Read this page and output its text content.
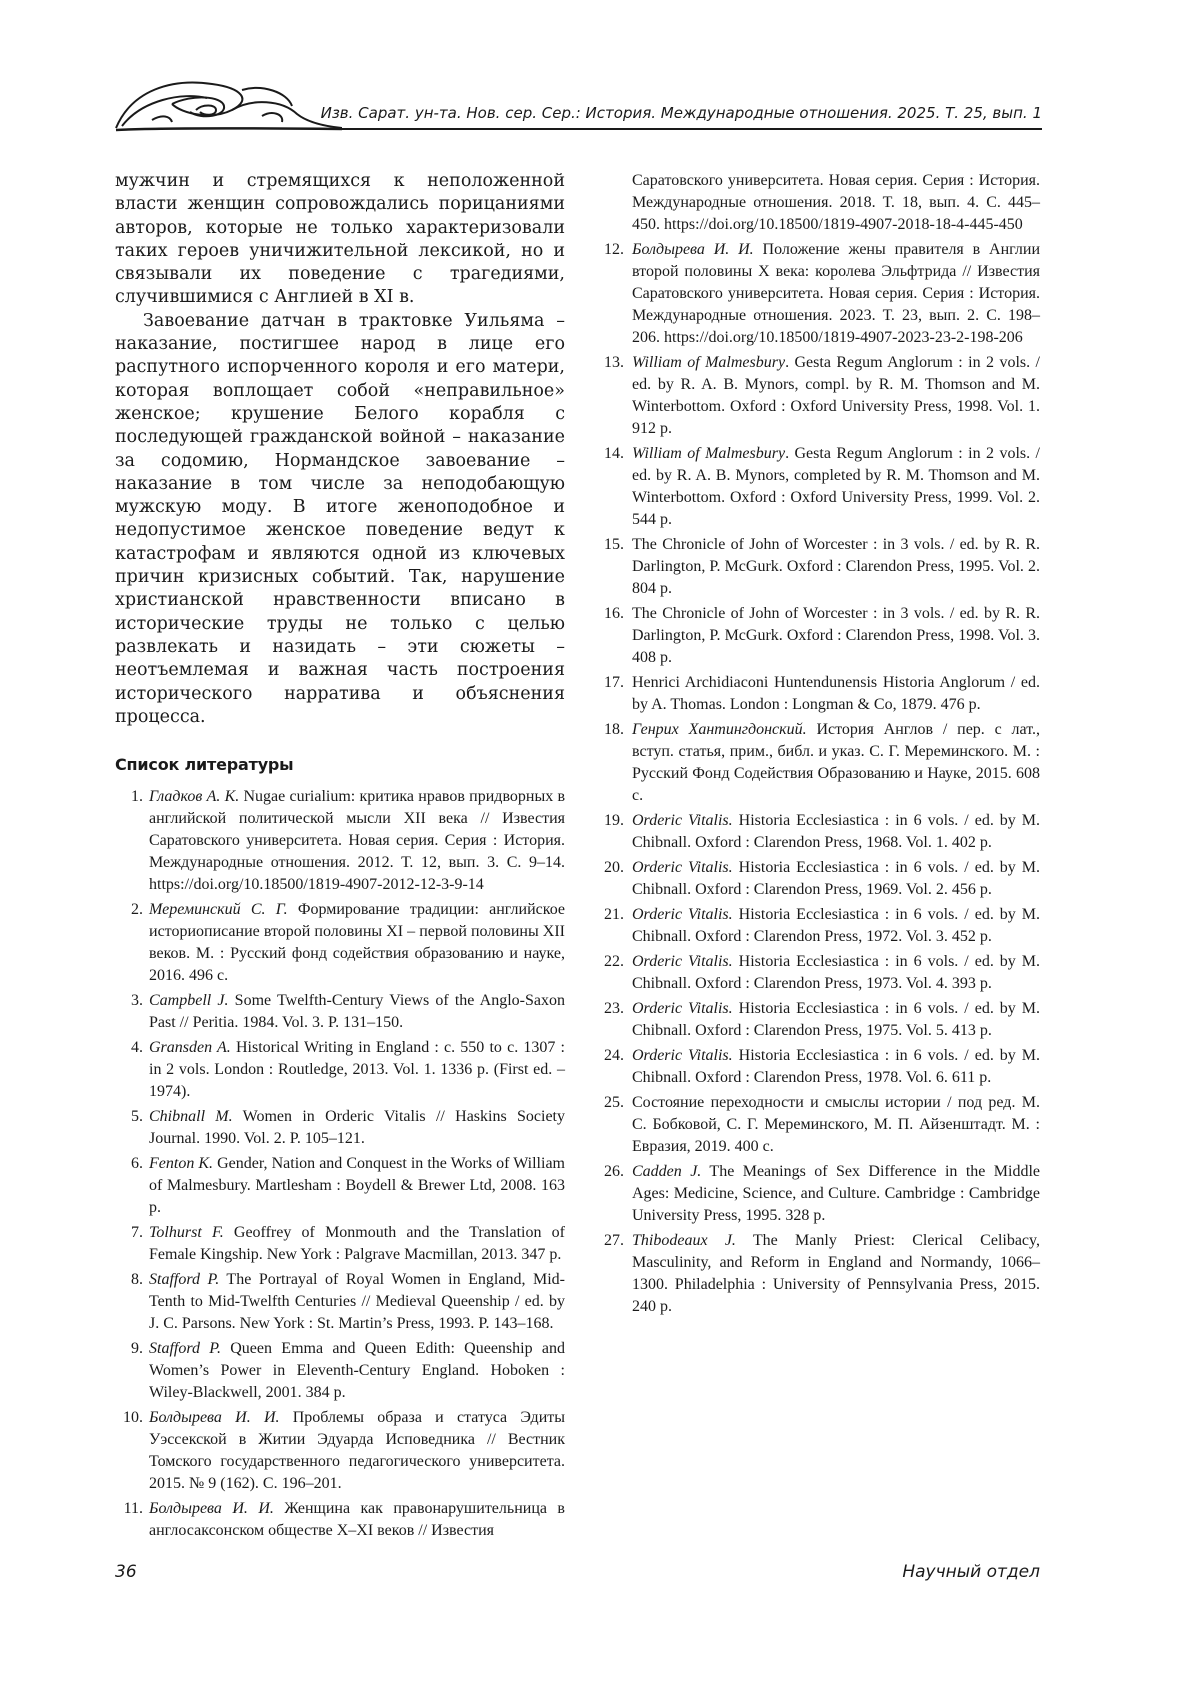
Изв. Сарат. ун-та. Нов. сер. Сер.: История. Международные отношения. 2025. Т. 25, вып. 1

мужчин и стремящихся к неположенной власти женщин сопровождались порицаниями авторов, которые не только характеризовали таких героев уничижительной лексикой, но и связывали их поведение с трагедиями, случившимися с Англией в XI в.

Завоевание датчан в трактовке Уильяма – наказание, постигшее народ в лице его распутного испорченного короля и его матери, которая воплощает собой «неправильное» женское; крушение Белого корабля с последующей гражданской войной – наказание за содомию, Нормандское завоевание – наказание в том числе за неподобающую мужскую моду. В итоге женоподобное и недопустимое женское поведение ведут к катастрофам и являются одной из ключевых причин кризисных событий. Так, нарушение христианской нравственности вписано в исторические труды не только с целью развлекать и назидать – эти сюжеты – неотъемлемая и важная часть построения исторического нарратива и объяснения процесса.

Список литературы
1. Гладков А. К. Nugae curialium: критика нравов придворных в английской политической мысли XII века // Известия Саратовского университета. Новая серия. Серия : История. Международные отношения. 2012. Т. 12, вып. 3. С. 9–14. https://doi.org/10.18500/1819-4907-2012-12-3-9-14
2. Мереминский С. Г. Формирование традиции: английское историописание второй половины XI – первой половины XII веков. М. : Русский фонд содействия образованию и науке, 2016. 496 с.
3. Campbell J. Some Twelfth-Century Views of the Anglo-Saxon Past // Peritia. 1984. Vol. 3. P. 131–150.
4. Gransden A. Historical Writing in England : c. 550 to c. 1307 : in 2 vols. London : Routledge, 2013. Vol. 1. 1336 p. (First ed. – 1974).
5. Chibnall M. Women in Orderic Vitalis // Haskins Society Journal. 1990. Vol. 2. P. 105–121.
6. Fenton K. Gender, Nation and Conquest in the Works of William of Malmesbury. Martlesham : Boydell & Brewer Ltd, 2008. 163 p.
7. Tolhurst F. Geoffrey of Monmouth and the Translation of Female Kingship. New York : Palgrave Macmillan, 2013. 347 p.
8. Stafford P. The Portrayal of Royal Women in England, Mid-Tenth to Mid-Twelfth Centuries // Medieval Queenship / ed. by J. C. Parsons. New York : St. Martin’s Press, 1993. P. 143–168.
9. Stafford P. Queen Emma and Queen Edith: Queenship and Women’s Power in Eleventh-Century England. Hoboken : Wiley-Blackwell, 2001. 384 p.
10. Болдырева И. И. Проблемы образа и статуса Эдиты Уэссекской в Житии Эдуарда Исповедника // Вестник Томского государственного педагогического университета. 2015. № 9 (162). С. 196–201.
11. Болдырева И. И. Женщина как правонарушительница в англосаксонском обществе X–XI веков // Известия

Саратовского университета. Новая серия. Серия : История. Международные отношения. 2018. Т. 18, вып. 4. С. 445–450. https://doi.org/10.18500/1819-4907-2018-18-4-445-450

12. Болдырева И. И. Положение жены правителя в Англии второй половины X века: королева Эльфтрида // Известия Саратовского университета. Новая серия. Серия : История. Международные отношения. 2023. Т. 23, вып. 2. С. 198–206. https://doi.org/10.18500/1819-4907-2023-23-2-198-206
13. William of Malmesbury. Gesta Regum Anglorum : in 2 vols. / ed. by R. A. B. Mynors, compl. by R. M. Thomson and M. Winterbottom. Oxford : Oxford University Press, 1998. Vol. 1. 912 p.
14. William of Malmesbury. Gesta Regum Anglorum : in 2 vols. / ed. by R. A. B. Mynors, completed by R. M. Thomson and M. Winterbottom. Oxford : Oxford University Press, 1999. Vol. 2. 544 p.
15. The Chronicle of John of Worcester : in 3 vols. / ed. by R. R. Darlington, P. McGurk. Oxford : Clarendon Press, 1995. Vol. 2. 804 p.
16. The Chronicle of John of Worcester : in 3 vols. / ed. by R. R. Darlington, P. McGurk. Oxford : Clarendon Press, 1998. Vol. 3. 408 p.
17. Henrici Archidiaconi Huntendunensis Historia Anglorum / ed. by A. Thomas. London : Longman & Co, 1879. 476 p.
18. Генрих Хантингдонский. История Англов / пер. с лат., вступ. статья, прим., библ. и указ. С. Г. Мереминского. М. : Русский Фонд Содействия Образованию и Науке, 2015. 608 с.
19. Orderic Vitalis. Historia Ecclesiastica : in 6 vols. / ed. by M. Chibnall. Oxford : Clarendon Press, 1968. Vol. 1. 402 p.
20. Orderic Vitalis. Historia Ecclesiastica : in 6 vols. / ed. by M. Chibnall. Oxford : Clarendon Press, 1969. Vol. 2. 456 p.
21. Orderic Vitalis. Historia Ecclesiastica : in 6 vols. / ed. by M. Chibnall. Oxford : Clarendon Press, 1972. Vol. 3. 452 p.
22. Orderic Vitalis. Historia Ecclesiastica : in 6 vols. / ed. by M. Chibnall. Oxford : Clarendon Press, 1973. Vol. 4. 393 p.
23. Orderic Vitalis. Historia Ecclesiastica : in 6 vols. / ed. by M. Chibnall. Oxford : Clarendon Press, 1975. Vol. 5. 413 p.
24. Orderic Vitalis. Historia Ecclesiastica : in 6 vols. / ed. by M. Chibnall. Oxford : Clarendon Press, 1978. Vol. 6. 611 p.
25. Состояние переходности и смыслы истории / под ред. М. С. Бобковой, С. Г. Мереминского, М. П. Айзенштадт. М. : Евразия, 2019. 400 с.
26. Cadden J. The Meanings of Sex Difference in the Middle Ages: Medicine, Science, and Culture. Cambridge : Cambridge University Press, 1995. 328 p.
27. Thibodeaux J. The Manly Priest: Clerical Celibacy, Masculinity, and Reform in England and Normandy, 1066–1300. Philadelphia : University of Pennsylvania Press, 2015. 240 p.
36	Научный отдел
